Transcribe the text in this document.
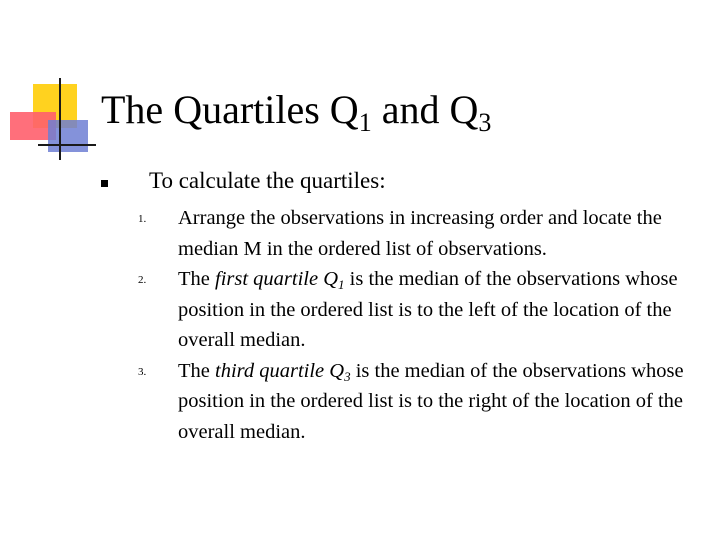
The Quartiles $Q_1$ and $Q_3$
To calculate the quartiles:
1. Arrange the observations in increasing order and locate the median M in the ordered list of observations.
2. The first quartile $Q_1$ is the median of the observations whose position in the ordered list is to the left of the location of the overall median.
3. The third quartile $Q_3$ is the median of the observations whose position in the ordered list is to the right of the location of the overall median.
